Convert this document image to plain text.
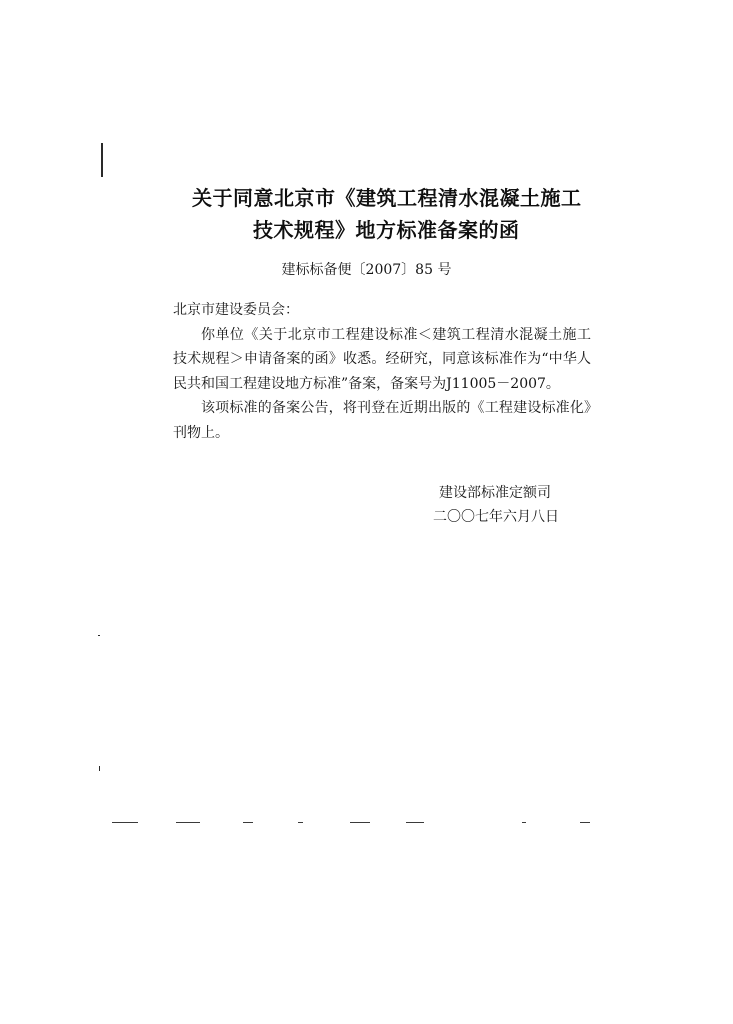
关于同意北京市《建筑工程清水混凝土施工
技术规程》地方标准备案的函
建标标备便〔2007〕85 号

北京市建设委员会：

你单位《关于北京市工程建设标准＜建筑工程清水混凝土施工技术规程＞申请备案的函》收悉。经研究，同意该标准作为“中华人民共和国工程建设地方标准”备案，备案号为J11005－2007。

该项标准的备案公告，将刊登在近期出版的《工程建设标准化》刊物上。

建设部标准定额司
二〇〇七年六月八日
